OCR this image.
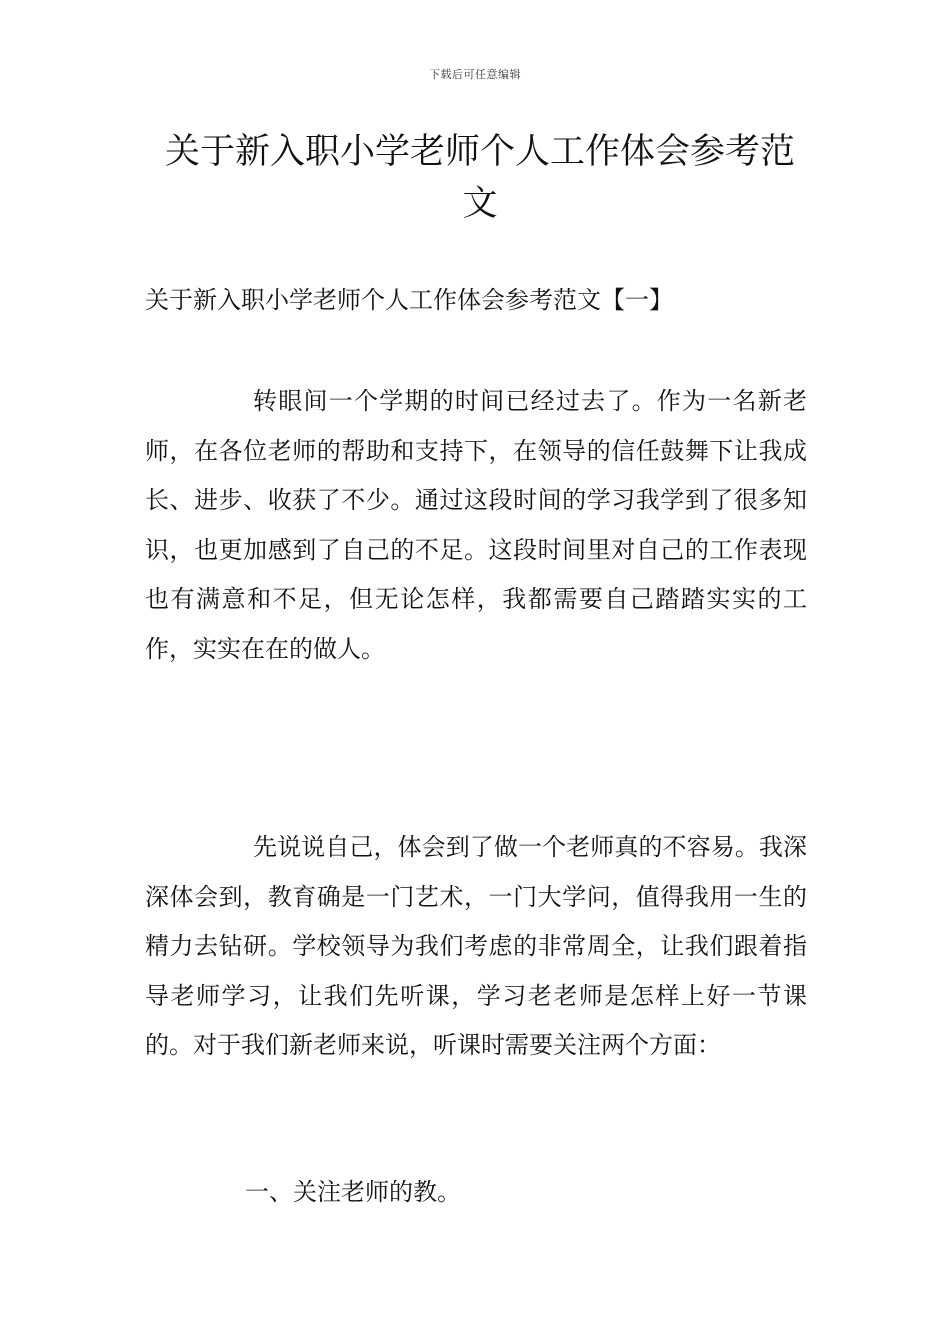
下载后可任意编辑
关于新入职小学老师个人工作体会参考范文

关于新入职小学老师个人工作体会参考范文【一】

转眼间一个学期的时间已经过去了。作为一名新老师，在各位老师的帮助和支持下，在领导的信任鼓舞下让我成长、进步、收获了不少。通过这段时间的学习我学到了很多知识，也更加感到了自己的不足。这段时间里对自己的工作表现也有满意和不足，但无论怎样，我都需要自己踏踏实实的工作，实实在在的做人。

先说说自己，体会到了做一个老师真的不容易。我深深体会到，教育确是一门艺术，一门大学问，值得我用一生的精力去钻研。学校领导为我们考虑的非常周全，让我们跟着指导老师学习，让我们先听课，学习老老师是怎样上好一节课的。对于我们新老师来说，听课时需要关注两个方面：

一、关注老师的教。
